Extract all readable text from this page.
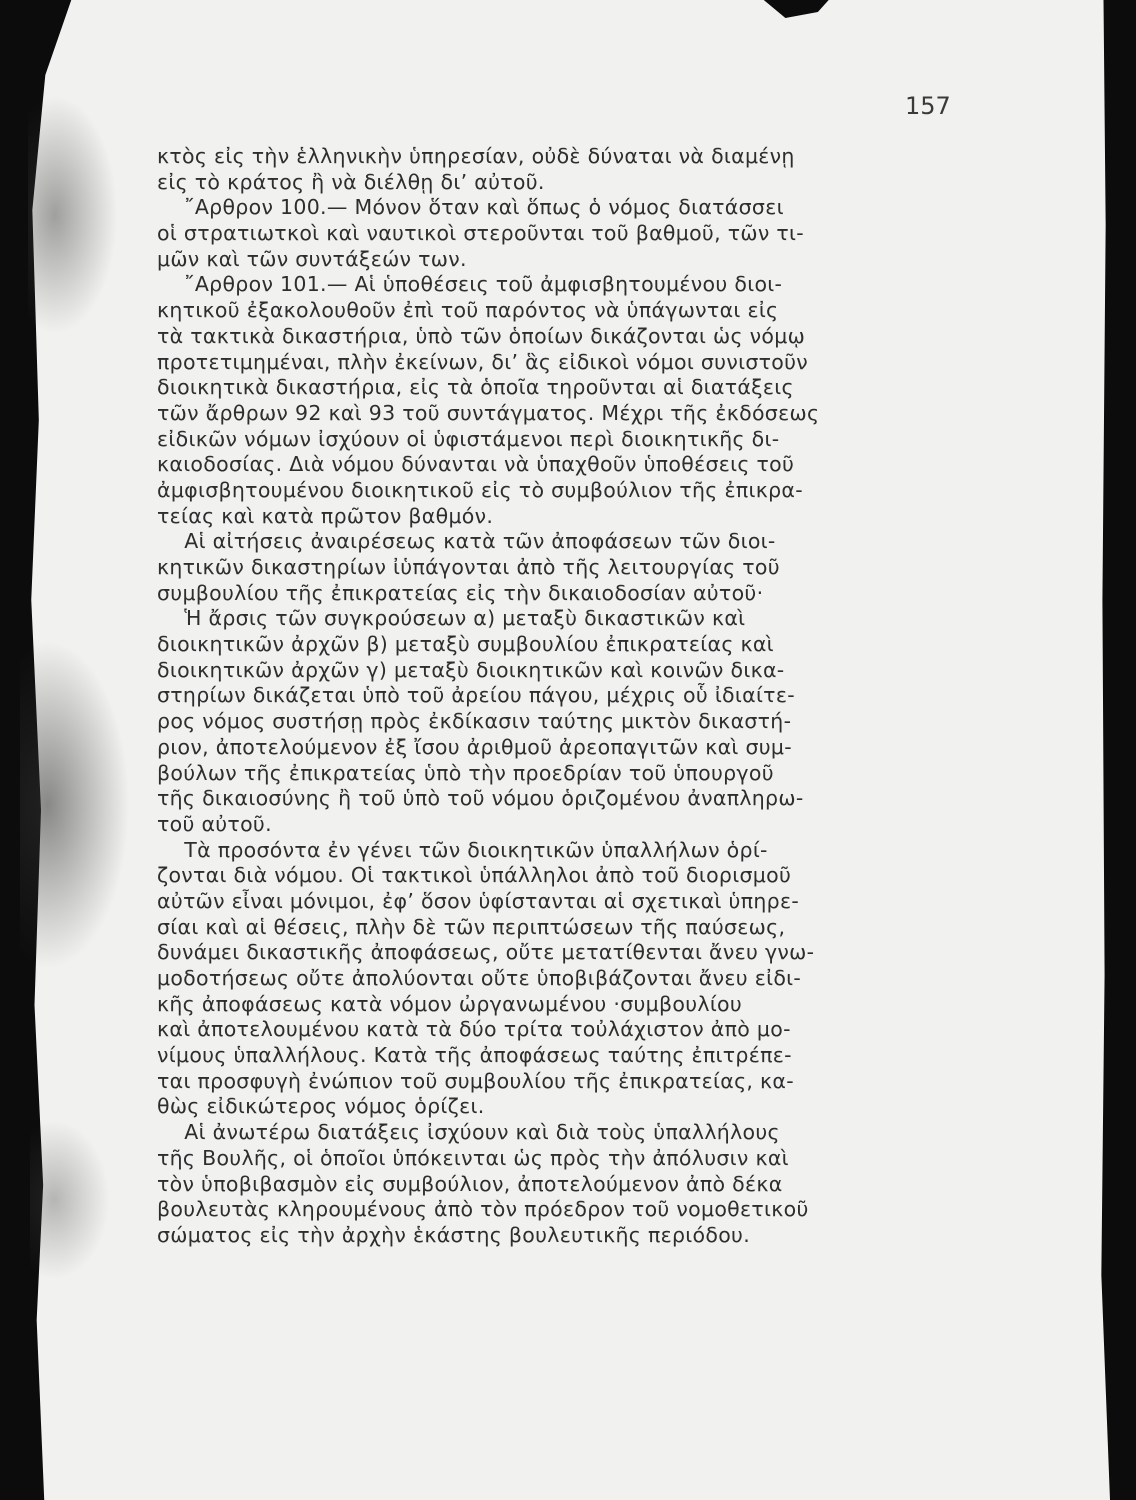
157
κτὸς εἰς τὴν ἑλληνικὴν ὑπηρεσίαν, οὐδὲ δύναται νὰ διαμένῃ
εἰς τὸ κράτος ἢ νὰ διέλθῃ δι’ αὐτοῦ.
῎Αρθρον 100.— Μόνον ὅταν καὶ ὅπως ὁ νόμος διατάσσει
οἱ στρατιωτκοὶ καὶ ναυτικοὶ στεροῦνται τοῦ βαθμοῦ, τῶν τι-
μῶν καὶ τῶν συντάξεών των.
῎Αρθρον 101.— Αἱ ὑποθέσεις τοῦ ἀμφισβητουμένου διοι-
κητικοῦ ἐξακολουθοῦν ἐπὶ τοῦ παρόντος νὰ ὑπάγωνται εἰς
τὰ τακτικὰ δικαστήρια, ὑπὸ τῶν ὁποίων δικάζονται ὡς νόμῳ
προτετιμημέναι, πλὴν ἐκείνων, δι’ ἃς εἰδικοὶ νόμοι συνιστοῦν
διοικητικὰ δικαστήρια, εἰς τὰ ὁποῖα τηροῦνται αἱ διατάξεις
τῶν ἄρθρων 92 καὶ 93 τοῦ συντάγματος. Μέχρι τῆς ἐκδόσεως
εἰδικῶν νόμων ἰσχύουν οἱ ὑφιστάμενοι περὶ διοικητικῆς δι-
καιοδοσίας. Διὰ νόμου δύνανται νὰ ὑπαχθοῦν ὑποθέσεις τοῦ
ἀμφισβητουμένου διοικητικοῦ εἰς τὸ συμβούλιον τῆς ἐπικρα-
τείας καὶ κατὰ πρῶτον βαθμόν.
Αἱ αἰτήσεις ἀναιρέσεως κατὰ τῶν ἀποφάσεων τῶν διοι-
κητικῶν δικαστηρίων ἰὑπάγονται ἀπὸ τῆς λειτουργίας τοῦ
συμβουλίου τῆς ἐπικρατείας εἰς τὴν δικαιοδοσίαν αὐτοῦ·
Ἡ ἄρσις τῶν συγκρούσεων α) μεταξὺ δικαστικῶν καὶ
διοικητικῶν ἀρχῶν β) μεταξὺ συμβουλίου ἐπικρατείας καὶ
διοικητικῶν ἀρχῶν γ) μεταξὺ διοικητικῶν καὶ κοινῶν δικα-
στηρίων δικάζεται ὑπὸ τοῦ ἀρείου πάγου, μέχρις οὗ ἰδιαίτε-
ρος νόμος συστήσῃ πρὸς ἐκδίκασιν ταύτης μικτὸν δικαστή-
ριον, ἀποτελούμενον ἐξ ἴσου ἀριθμοῦ ἀρεοπαγιτῶν καὶ συμ-
βούλων τῆς ἐπικρατείας ὑπὸ τὴν προεδρίαν τοῦ ὑπουργοῦ
τῆς δικαιοσύνης ἢ τοῦ ὑπὸ τοῦ νόμου ὁριζομένου ἀναπληρω-
τοῦ αὐτοῦ.
Τὰ προσόντα ἐν γένει τῶν διοικητικῶν ὑπαλλήλων ὁρί-
ζονται διὰ νόμου. Οἱ τακτικοὶ ὑπάλληλοι ἀπὸ τοῦ διορισμοῦ
αὐτῶν εἶναι μόνιμοι, ἐφ’ ὅσον ὑφίστανται αἱ σχετικαὶ ὑπηρε-
σίαι καὶ αἱ θέσεις, πλὴν δὲ τῶν περιπτώσεων τῆς παύσεως,
δυνάμει δικαστικῆς ἀποφάσεως, οὔτε μετατίθενται ἄνευ γνω-
μοδοτήσεως οὔτε ἀπολύονται οὔτε ὑποβιβάζονται ἄνευ εἰδι-
κῆς ἀποφάσεως κατὰ νόμον ὠργανωμένου ·συμβουλίου
καὶ ἀποτελουμένου κατὰ τὰ δύο τρίτα τοὐλάχιστον ἀπὸ μο-
νίμους ὑπαλλήλους. Κατὰ τῆς ἀποφάσεως ταύτης ἐπιτρέπε-
ται προσφυγὴ ἐνώπιον τοῦ συμβουλίου τῆς ἐπικρατείας, κα-
θὼς εἰδικώτερος νόμος ὁρίζει.
Αἱ ἀνωτέρω διατάξεις ἰσχύουν καὶ διὰ τοὺς ὑπαλλήλους
τῆς Βουλῆς, οἱ ὁποῖοι ὑπόκεινται ὡς πρὸς τὴν ἀπόλυσιν καὶ
τὸν ὑποβιβασμὸν εἰς συμβούλιον, ἀποτελούμενον ἀπὸ δέκα
βουλευτὰς κληρουμένους ἀπὸ τὸν πρόεδρον τοῦ νομοθετικοῦ
σώματος εἰς τὴν ἀρχὴν ἑκάστης βουλευτικῆς περιόδου.
